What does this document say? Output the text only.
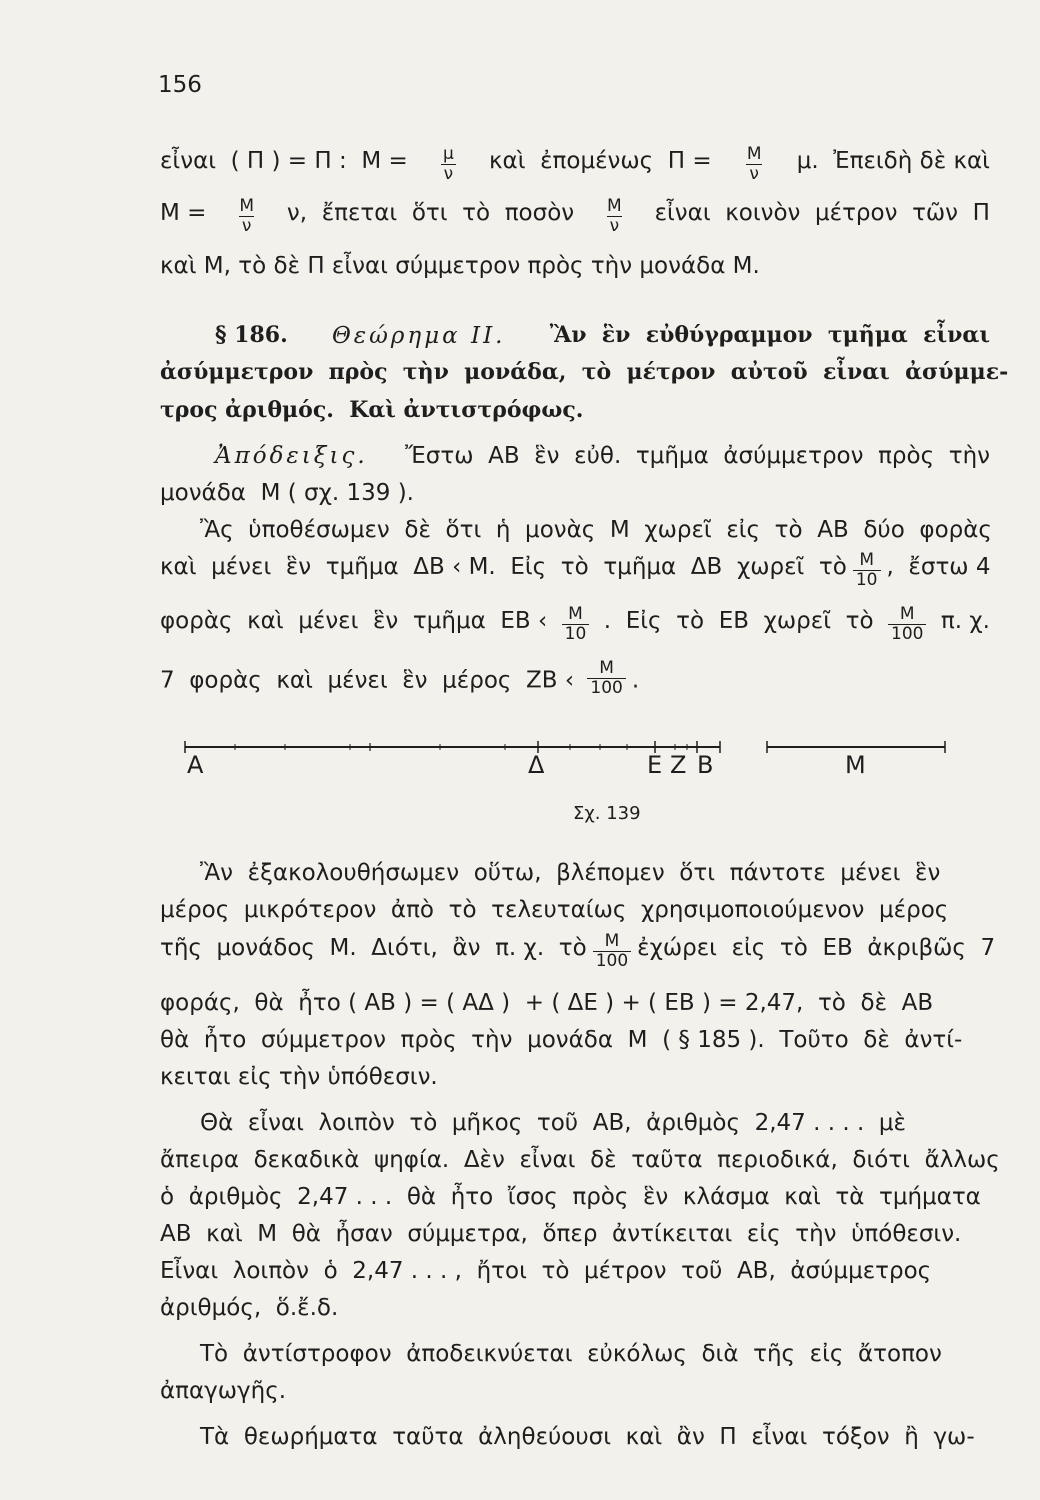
156
εἶναι  ( Π ) = Π :  $M = \frac{\mu}{\nu}$ καὶ  ἐπομένως  $\Pi = \frac{M}{\nu} \mu$.  Ἐπειδὴ δὲ καὶ
$M = \frac{M}{\nu} \nu$,  ἔπεται  ὅτι  τὸ  ποσὸν $\frac{M}{\nu}$ εἶναι  κοινὸν  μέτρον  τῶν  Π
καὶ Μ, τὸ δὲ Π εἶναι σύμμετρον πρὸς τὴν μονάδα Μ.
§ 186. Θεώρημα ΙΙ. Ἂν  ἓν  εὐθύγραμμον  τμῆμα  εἶναι
ἀσύμμετρον  πρὸς  τὴν  μονάδα,  τὸ  μέτρον  αὐτοῦ  εἶναι  ἀσύμμε-
τρος ἀριθμός.  Καὶ ἀντιστρόφως.
Ἀπόδειξις. Ἔστω  ΑΒ  ἓν  εὐθ.  τμῆμα  ἀσύμμετρον  πρὸς  τὴν
μονάδα  Μ ( σχ. 139 ).
Ἂς  ὑποθέσωμεν  δὲ  ὅτι  ἡ  μονὰς  Μ  χωρεῖ  εἰς  τὸ  ΑΒ  δύο  φορὰς
καὶ  μένει  ἓν  τμῆμα  ΔΒ ‹ Μ.  Εἰς  τὸ  τμῆμα  ΔΒ  χωρεῖ  τὸ $\frac{M}{10}$ ,  ἔστω 4
φορὰς  καὶ  μένει  ἓν  τμῆμα  ΕΒ ‹ $\frac{M}{10}$ .  Εἰς  τὸ  ΕΒ  χωρεῖ  τὸ $\frac{M}{100} \pi$. χ.
7  φορὰς  καὶ  μένει  ἓν  μέρος  ΖΒ ‹ $\frac{M}{100}$ .
Ἂν  ἐξακολουθήσωμεν  οὕτω,  βλέπομεν  ὅτι  πάντοτε  μένει  ἓν
μέρος  μικρότερον  ἀπὸ  τὸ  τελευταίως  χρησιμοποιούμενον  μέρος
τῆς  μονάδος  Μ.  Διότι,  ἂν  π. χ.  τὸ $\frac{M}{100}$ ἐχώρει  εἰς  τὸ  ΕΒ  ἀκριβῶς  7
φοράς,  θὰ  ἦτο ( ΑΒ ) = ( ΑΔ )  + ( ΔΕ ) + ( ΕΒ ) = 2,47,  τὸ  δὲ  ΑΒ
θὰ  ἦτο  σύμμετρον  πρὸς  τὴν  μονάδα  Μ  ( § 185 ).  Τοῦτο  δὲ  ἀντί-
κειται εἰς τὴν ὑπόθεσιν.
Θὰ  εἶναι  λοιπὸν  τὸ  μῆκος  τοῦ  ΑΒ,  ἀριθμὸς  2,47 . . . .  μὲ
ἄπειρα  δεκαδικὰ  ψηφία.  Δὲν  εἶναι  δὲ  ταῦτα  περιοδικά,  διότι  ἄλλως
ὁ  ἀριθμὸς  2,47 . . .  θὰ  ἦτο  ἴσος  πρὸς  ἓν  κλάσμα  καὶ  τὰ  τμήματα
ΑΒ  καὶ  Μ  θὰ  ἦσαν  σύμμετρα,  ὅπερ  ἀντίκειται  εἰς  τὴν  ὑπόθεσιν.
Εἶναι  λοιπὸν  ὁ  2,47 . . . ,  ἤτοι  τὸ  μέτρον  τοῦ  ΑΒ,  ἀσύμμετρος
ἀριθμός,  ὅ.ἔ.δ.
Τὸ  ἀντίστροφον  ἀποδεικνύεται  εὐκόλως  διὰ  τῆς  εἰς  ἄτοπον
ἀπαγωγῆς.
Τὰ  θεωρήματα  ταῦτα  ἀληθεύουσι  καὶ  ἂν  Π  εἶναι  τόξον  ἢ  γω-
Α	Δ	Ε Ζ Β	Μ
Σχ. 139
